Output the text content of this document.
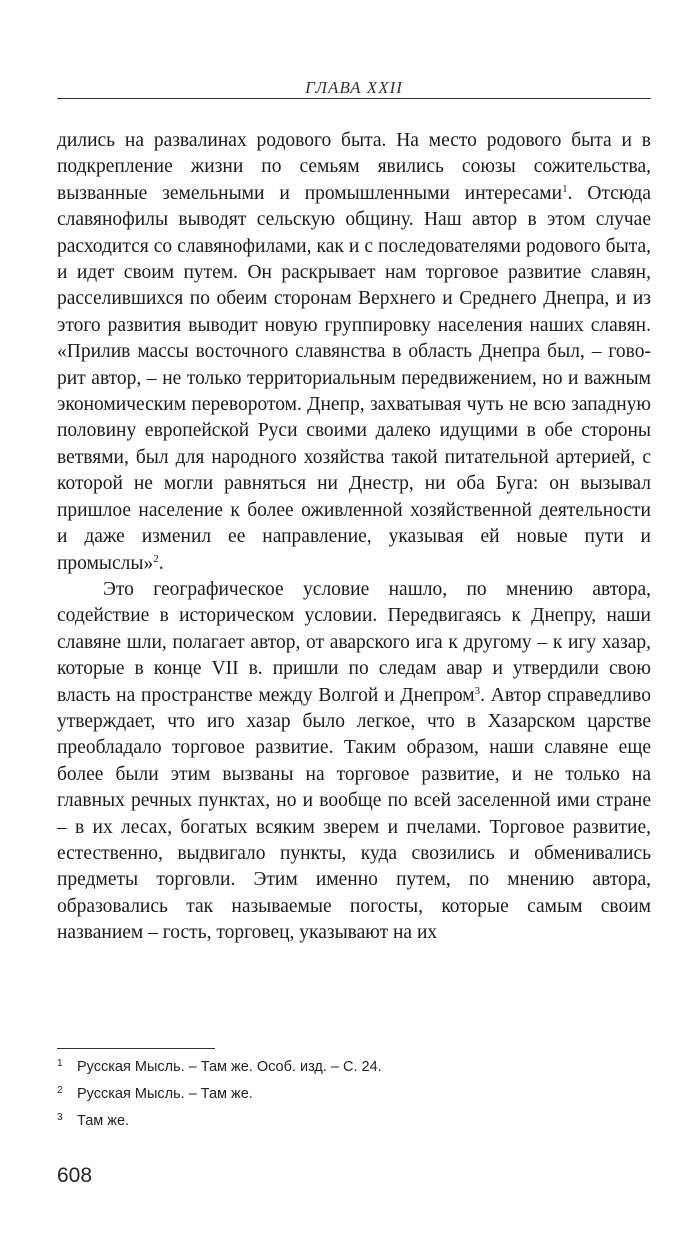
ГЛАВА XXII

дились на развалинах родового быта. На место родового быта и в подкрепление жизни по семьям явились союзы сожительства, вызванные земельными и промышленными интересами$^1$. Отсюда славянофилы выводят сельскую общину. Наш автор в этом случае расходится со славянофилами, как и с последователями родового быта, и идет своим путем. Он раскрывает нам торговое развитие славян, расселившихся по обеим сторонам Верхнего и Среднего Днепра, и из этого развития выводит новую группировку населения наших славян. «Прилив массы восточного славянства в область Днепра был, – говорит автор, – не только территориальным передвижением, но и важным экономическим переворотом. Днепр, захватывая чуть не всю западную половину европейской Руси своими далеко идущими в обе стороны ветвями, был для народного хозяйства такой питательной артерией, с которой не могли равняться ни Днестр, ни оба Буга: он вызывал пришлое население к более оживленной хозяйственной деятельности и даже изменил ее направление, указывая ей новые пути и промыслы»$^2$.

Это географическое условие нашло, по мнению автора, содействие в историческом условии. Передвигаясь к Днепру, наши славяне шли, полагает автор, от аварского ига к другому – к игу хазар, которые в конце VII в. пришли по следам авар и утвердили свою власть на пространстве между Волгой и Днепром$^3$. Автор справедливо утверждает, что иго хазар было легкое, что в Хазарском царстве преобладало торговое развитие. Таким образом, наши славяне еще более были этим вызваны на торговое развитие, и не только на главных речных пунктах, но и вообще по всей заселенной ими стране – в их лесах, богатых всяким зверем и пчелами. Торговое развитие, естественно, выдвигало пункты, куда свозились и обменивались предметы торговли. Этим именно путем, по мнению автора, образовались так называемые погосты, которые самым своим названием – гость, торговец, указывают на их

1 Русская Мысль. – Там же. Особ. изд. – С. 24.
2 Русская Мысль. – Там же.
3 Там же.
608
